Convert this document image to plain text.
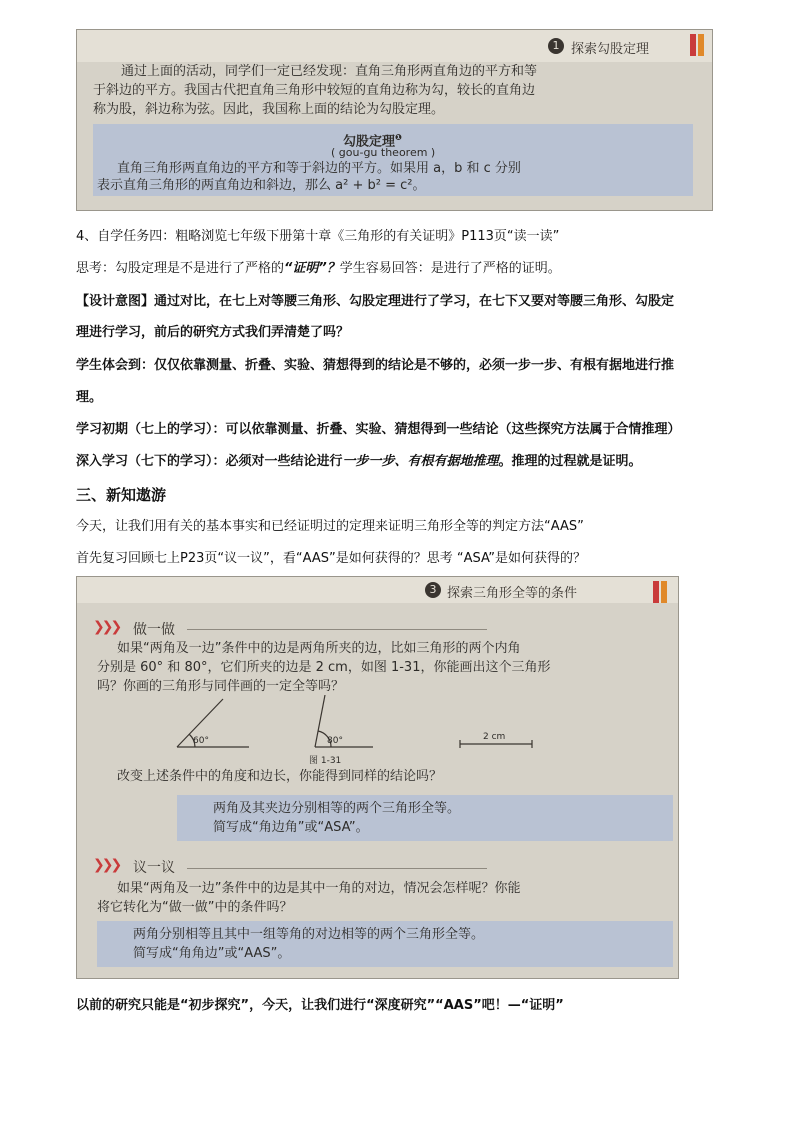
1 探索勾股定理
通过上面的活动，同学们一定已经发现：直角三角形两直角边的平方和等
于斜边的平方。我国古代把直角三角形中较短的直角边称为勾，较长的直角边
称为股，斜边称为弦。因此，我国称上面的结论为勾股定理。
勾股定理$^❶$
( gou-gu theorem )
直角三角形两直角边的平方和等于斜边的平方。如果用 a，b 和 c 分别
表示直角三角形的两直角边和斜边，那么 a² + b² = c²。
4、自学任务四：粗略浏览七年级下册第十章《三角形的有关证明》P113页“读一读”
思考：勾股定理是不是进行了严格的“证明”？学生容易回答：是进行了严格的证明。
【设计意图】通过对比，在七上对等腰三角形、勾股定理进行了学习，在七下又要对等腰三角形、勾股定
理进行学习，前后的研究方式我们弄清楚了吗？
学生体会到：仅仅依靠测量、折叠、实验、猜想得到的结论是不够的，必须一步一步、有根有据地进行推
理。
学习初期（七上的学习）：可以依靠测量、折叠、实验、猜想得到一些结论（这些探究方法属于合情推理）
深入学习（七下的学习）：必须对一些结论进行一步一步、有根有据地推理。推理的过程就是证明。
三、新知遨游
今天，让我们用有关的基本事实和已经证明过的定理来证明三角形全等的判定方法“AAS”
首先复习回顾七上P23页“议一议”，看“AAS”是如何获得的？思考 “ASA”是如何获得的？
3 探索三角形全等的条件
❯❯❯ 做一做
如果“两角及一边”条件中的边是两角所夹的边，比如三角形的两个内角
分别是 60° 和 80°，它们所夹的边是 2 cm，如图 1-31，你能画出这个三角形
吗？你画的三角形与同伴画的一定全等吗？
60°	80°	2 cm
图 1-31
改变上述条件中的角度和边长，你能得到同样的结论吗？
两角及其夹边分别相等的两个三角形全等。
简写成“角边角”或“ASA”。
❯❯❯ 议一议
如果“两角及一边”条件中的边是其中一角的对边，情况会怎样呢？你能
将它转化为“做一做”中的条件吗？
两角分别相等且其中一组等角的对边相等的两个三角形全等。
简写成“角角边”或“AAS”。
以前的研究只能是“初步探究”，今天，让我们进行“深度研究”“AAS”吧！—“证明”
